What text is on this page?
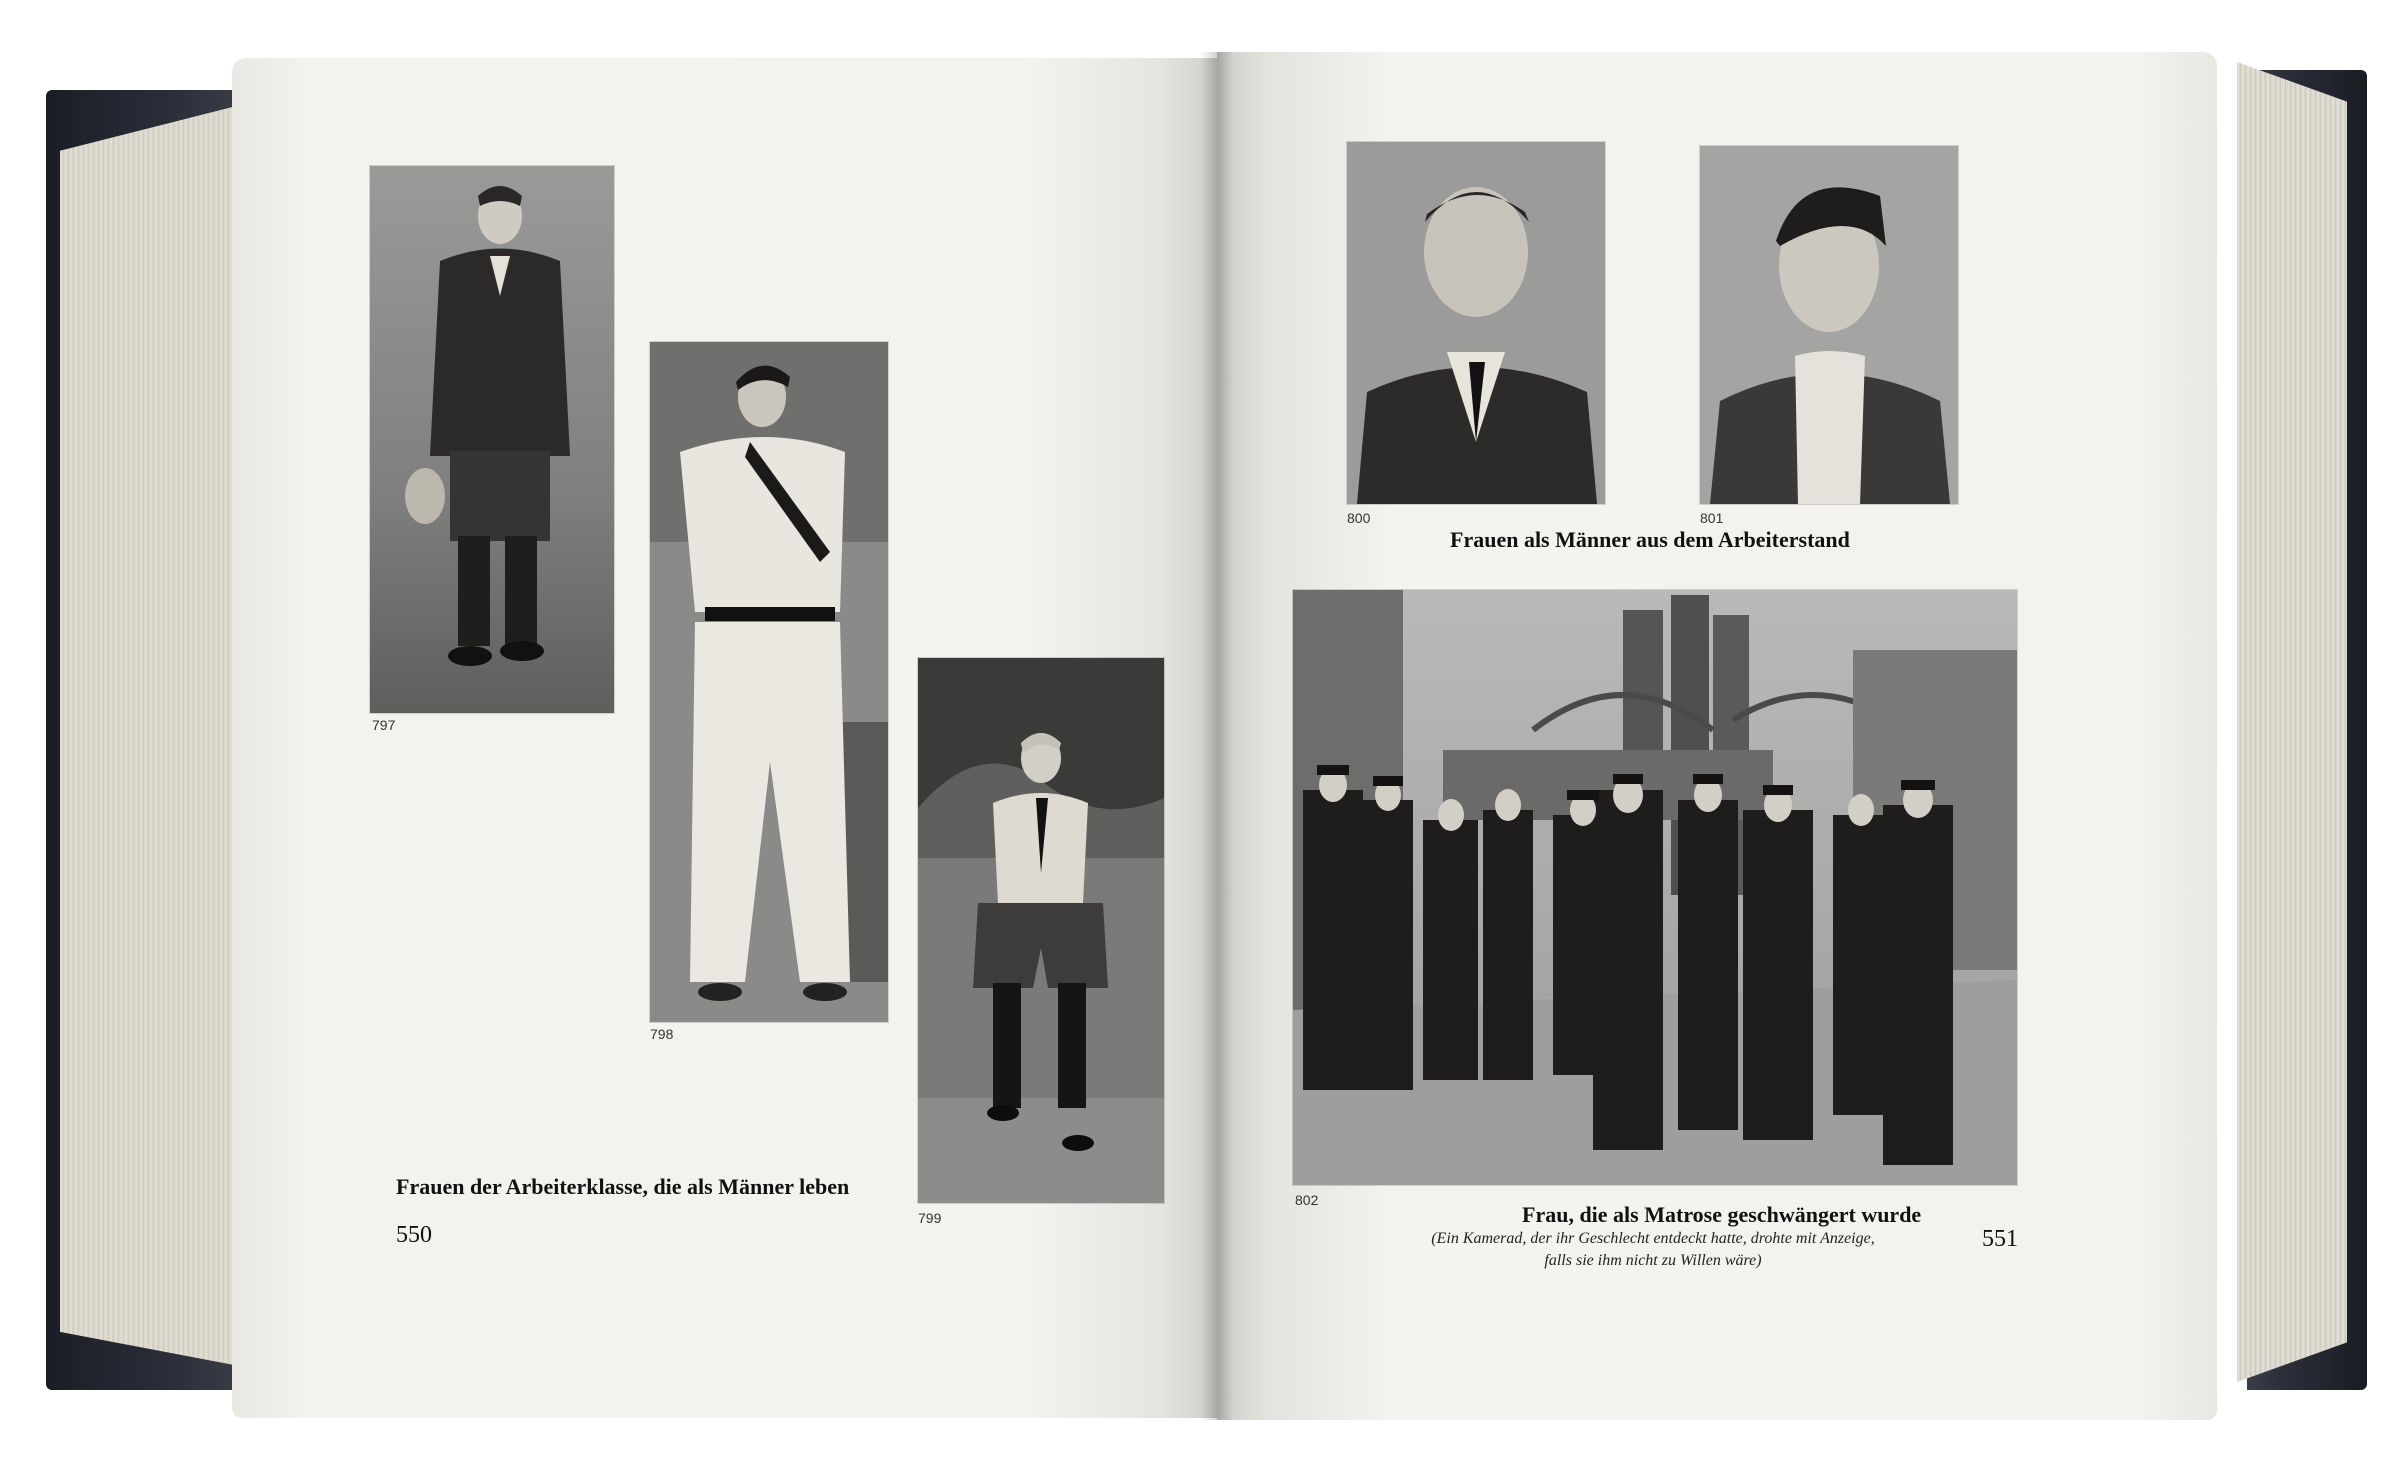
797
798
799
Frauen der Arbeiterklasse, die als Männer leben
550
800	801
Frauen als Männer aus dem Arbeiterstand
802
Frau, die als Matrose geschwängert wurde
(Ein Kamerad, der ihr Geschlecht entdeckt hatte, drohte mit Anzeige,
falls sie ihm nicht zu Willen wäre)
551
